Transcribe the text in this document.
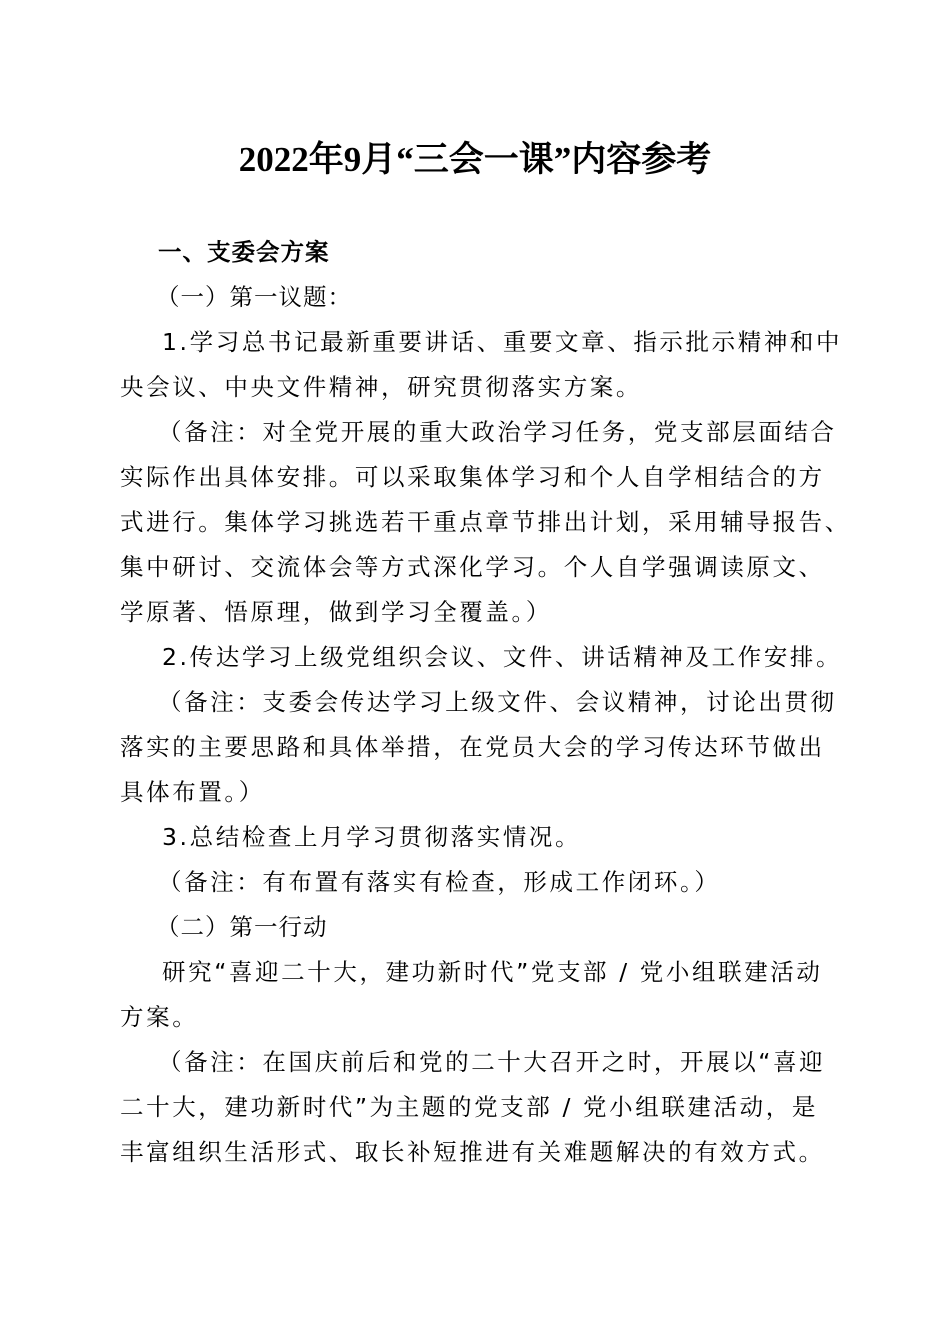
2022年9月“三会一课”内容参考
一、支委会方案
（一）第一议题：
1.学习总书记最新重要讲话、重要文章、指示批示精神和中
央会议、中央文件精神，研究贯彻落实方案。
（备注：对全党开展的重大政治学习任务，党支部层面结合
实际作出具体安排。可以采取集体学习和个人自学相结合的方
式进行。集体学习挑选若干重点章节排出计划，采用辅导报告、
集中研讨、交流体会等方式深化学习。个人自学强调读原文、
学原著、悟原理，做到学习全覆盖。）
2.传达学习上级党组织会议、文件、讲话精神及工作安排。
（备注：支委会传达学习上级文件、会议精神，讨论出贯彻
落实的主要思路和具体举措，在党员大会的学习传达环节做出
具体布置。）
3.总结检查上月学习贯彻落实情况。
（备注：有布置有落实有检查，形成工作闭环。）
（二）第一行动
研究“喜迎二十大，建功新时代”党支部 / 党小组联建活动
方案。
（备注：在国庆前后和党的二十大召开之时，开展以“喜迎
二十大，建功新时代”为主题的党支部 / 党小组联建活动，是
丰富组织生活形式、取长补短推进有关难题解决的有效方式。
